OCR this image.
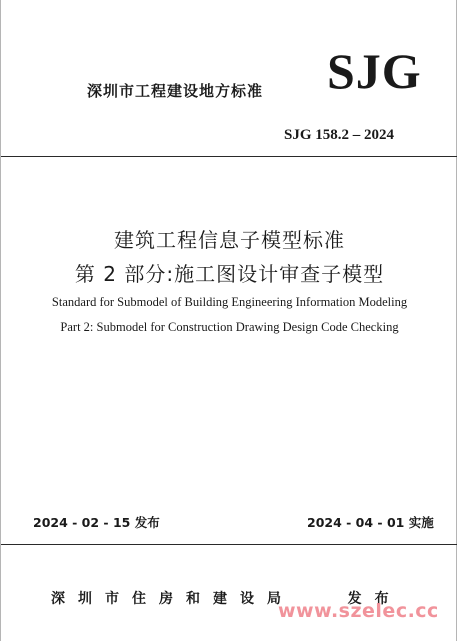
深圳市工程建设地方标准 SJG
SJG 158.2 – 2024
建筑工程信息子模型标准
第 2 部分:施工图设计审查子模型
Standard for Submodel of Building Engineering Information Modeling
Part 2: Submodel for Construction Drawing Design Code Checking
2024 - 02 - 15 发布	2024 - 04 - 01 实施
深圳市住房和建设局   发布
www.szelec.cc
